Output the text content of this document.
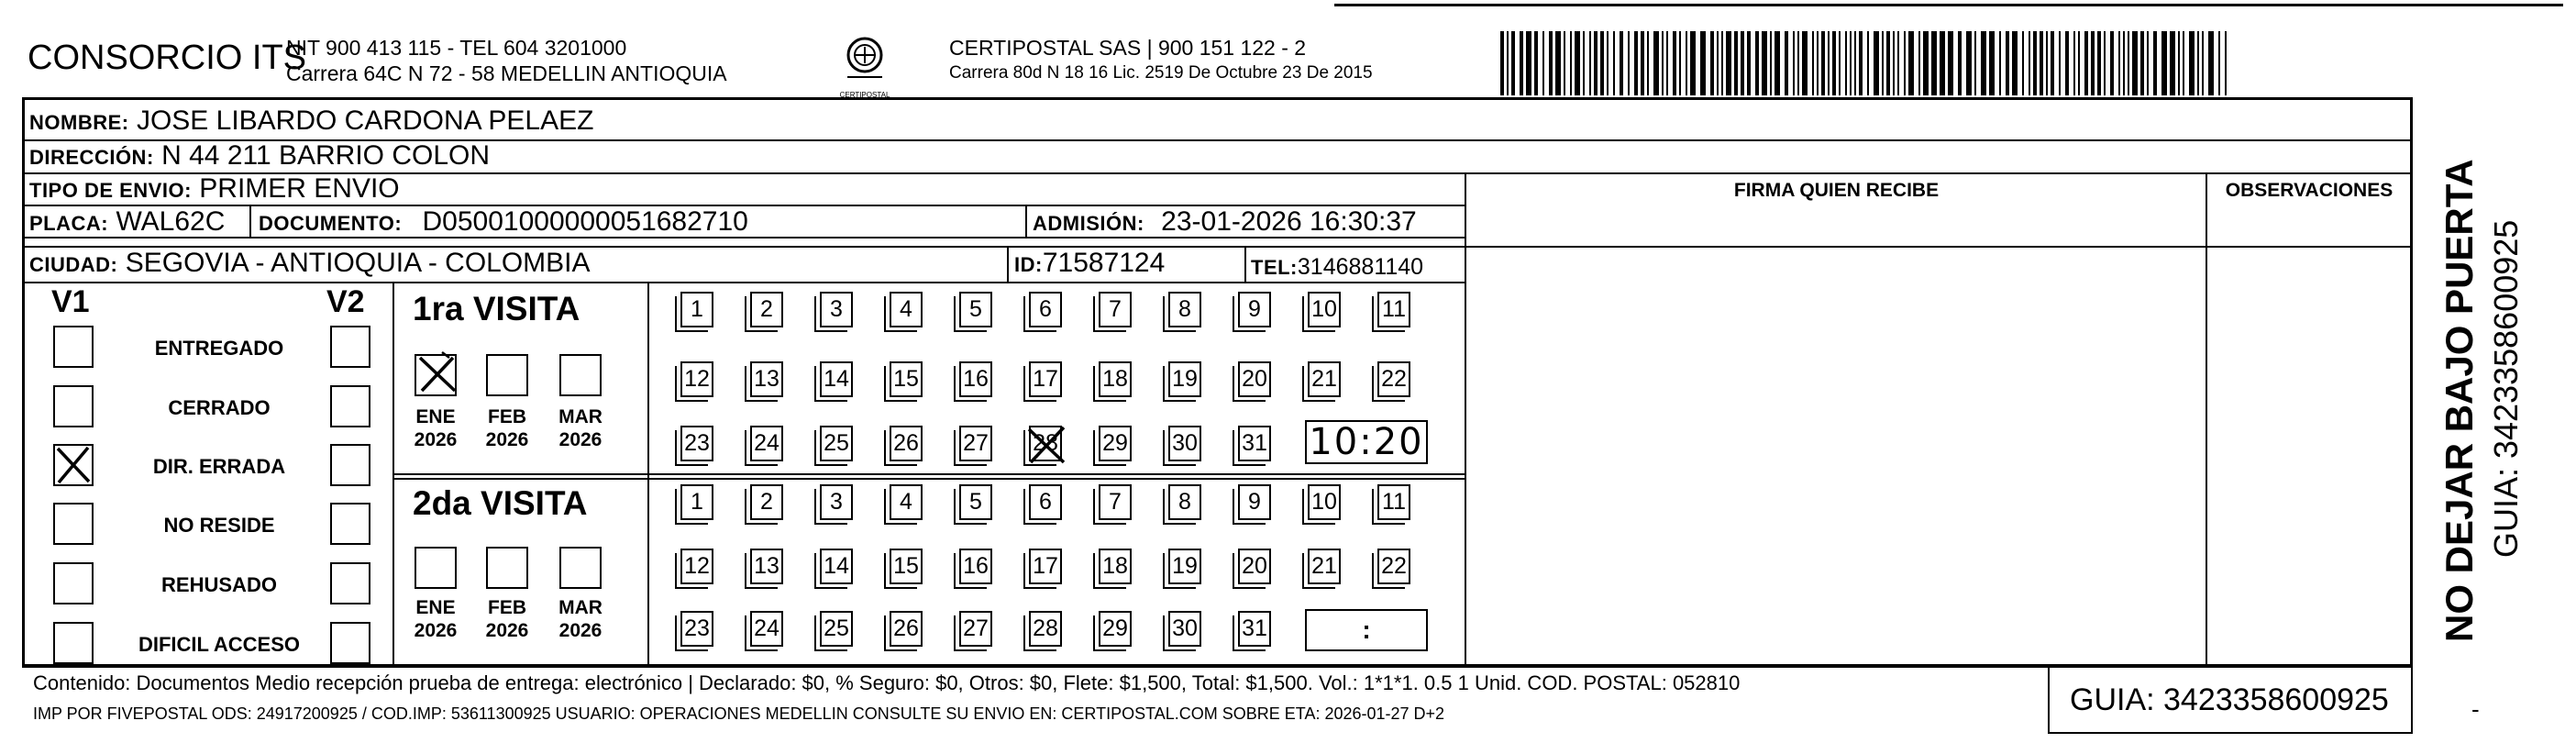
CONSORCIO ITS
NIT 900 413 115 - TEL 604 3201000
Carrera 64C N 72 - 58 MEDELLIN ANTIOQUIA
CERTIPOSTAL
CERTIPOSTAL SAS | 900 151 122 - 2
Carrera 80d N 18 16 Lic. 2519 De Octubre 23 De 2015
NOMBRE: JOSE LIBARDO CARDONA PELAEZ
DIRECCIÓN: N 44 211 BARRIO COLON
TIPO DE ENVIO: PRIMER ENVIO
PLACA: WAL62C DOCUMENTO: D05001000000051682710	ADMISIÓN: 23-01-2026 16:30:37
CIUDAD: SEGOVIA - ANTIOQUIA - COLOMBIA	ID:71587124	TEL:3146881140
FIRMA QUIEN RECIBE	OBSERVACIONES
V1	V2
ENTREGADO
CERRADO
DIR. ERRADA
NO RESIDE
REHUSADO
DIFICIL ACCESO
1ra VISITA
2da VISITA
ENE
2026
FEB
2026
MAR
2026
ENE
2026
FEB
2026
MAR
2026
1	2	3	4	5	6	7	8	9	10 11
12 13 14 15 16 17 18 19 20 21 22
23 24 25 26 27 28 29 30 31
1	2	3	4	5	6	7	8	9	10 11
12 13 14 15 16 17 18 19 20 21 22
23 24 25 26 27 28 29 30 31
10:20
:
Contenido: Documentos Medio recepción prueba de entrega: electrónico | Declarado: $0, % Seguro: $0, Otros: $0, Flete: $1,500, Total: $1,500. Vol.: 1*1*1. 0.5 1 Unid. COD. POSTAL: 052810
IMP POR FIVEPOSTAL ODS: 24917200925 / COD.IMP: 53611300925 USUARIO: OPERACIONES MEDELLIN CONSULTE SU ENVIO EN: CERTIPOSTAL.COM SOBRE ETA: 2026-01-27 D+2	GUIA: 3423358600925
NO DEJAR BAJO PUERTA GUIA: 3423358600925
-
